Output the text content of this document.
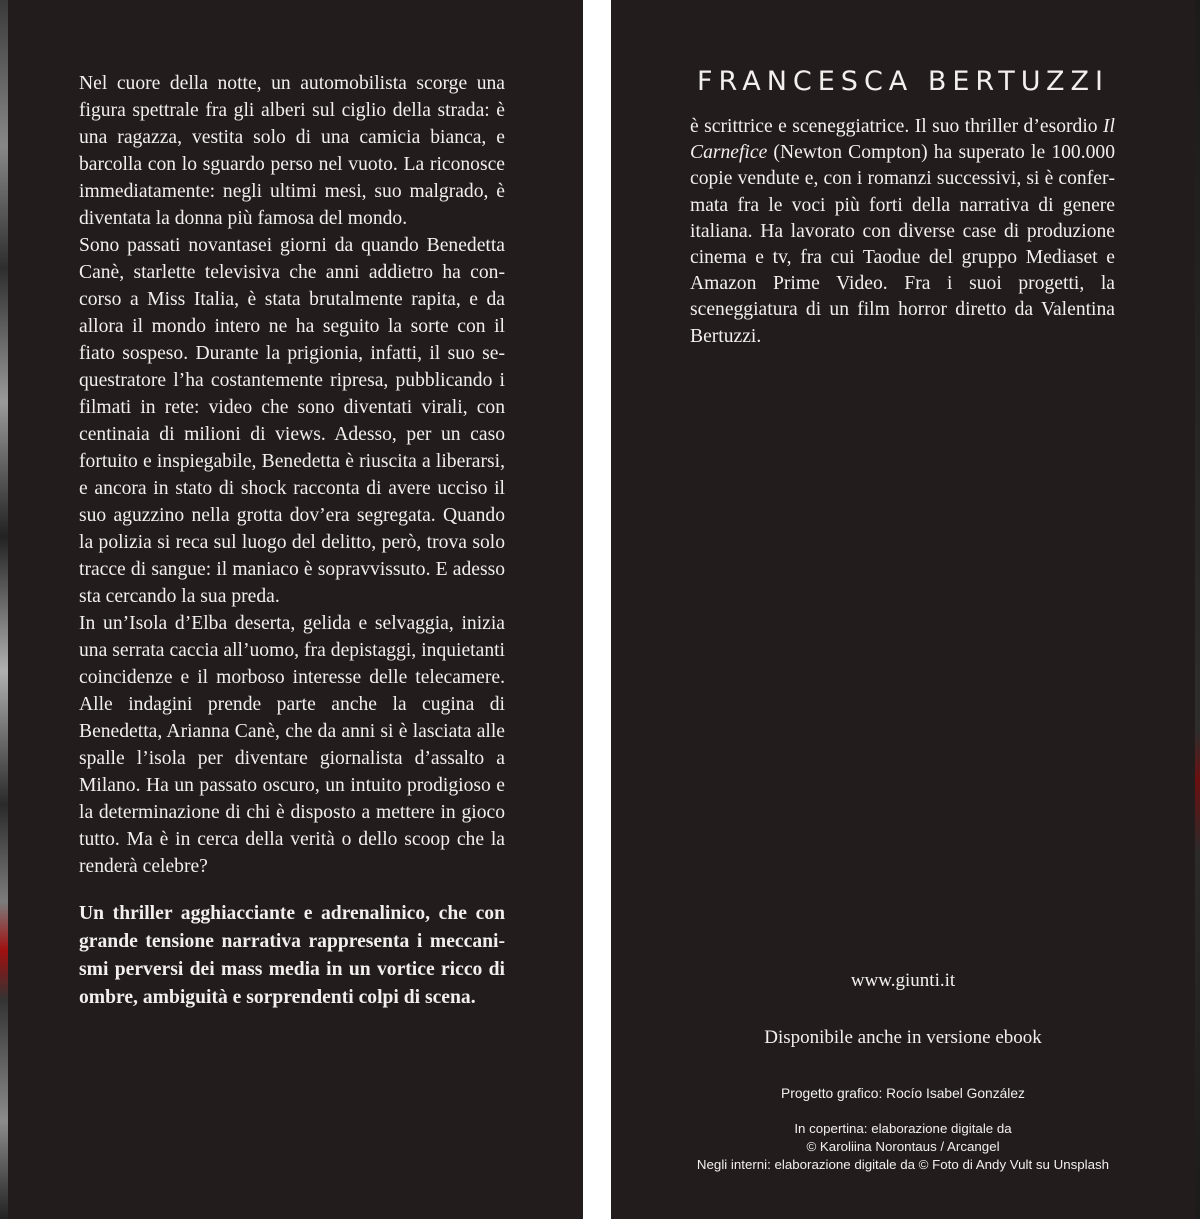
Nel cuore della notte, un automobilista scorge una figura spettrale fra gli alberi sul ciglio della strada: è una ragazza, vestita solo di una camicia bianca, e barcolla con lo sguardo perso nel vuoto. La riconosce immediatamente: negli ultimi mesi, suo malgrado, è diventata la donna più famosa del mondo.

Sono passati novantasei giorni da quando Benedetta Canè, starlette televisiva che anni addietro ha concorso a Miss Italia, è stata brutalmente rapita, e da allora il mondo intero ne ha seguito la sorte con il fiato sospeso. Durante la prigionia, infatti, il suo sequestratore l’ha costantemente ripresa, pubblicando i filmati in rete: video che sono diventati virali, con centinaia di milioni di views. Adesso, per un caso fortuito e inspiegabile, Benedetta è riuscita a liberarsi, e ancora in stato di shock racconta di avere ucciso il suo aguzzino nella grotta dov’era segregata. Quando la polizia si reca sul luogo del delitto, però, trova solo tracce di sangue: il maniaco è sopravvissuto. E adesso sta cercando la sua preda.

In un’Isola d’Elba deserta, gelida e selvaggia, inizia una serrata caccia all’uomo, fra depistaggi, inquietanti coincidenze e il morboso interesse delle telecamere. Alle indagini prende parte anche la cugina di Benedetta, Arianna Canè, che da anni si è lasciata alle spalle l’isola per diventare giornalista d’assalto a Milano. Ha un passato oscuro, un intuito prodigioso e la determinazione di chi è disposto a mettere in gioco tutto. Ma è in cerca della verità o dello scoop che la renderà celebre?

Un thriller agghiacciante e adrenalinico, che con grande tensione narrativa rappresenta i meccanismi perversi dei mass media in un vortice ricco di ombre, ambiguità e sorprendenti colpi di scena.

FRANCESCA BERTUZZI

è scrittrice e sceneggiatrice. Il suo thriller d’esordio Il Carnefice (Newton Compton) ha superato le 100.000 copie vendute e, con i romanzi successivi, si è confermata fra le voci più forti della narrativa di genere italiana. Ha lavorato con diverse case di produzione cinema e tv, fra cui Taodue del gruppo Mediaset e Amazon Prime Video. Fra i suoi progetti, la sceneggiatura di un film horror diretto da Valentina Bertuzzi.

www.giunti.it

Disponibile anche in versione ebook

Progetto grafico: Rocío Isabel González

In copertina: elaborazione digitale da

© Karoliina Norontaus / Arcangel

Negli interni: elaborazione digitale da © Foto di Andy Vult su Unsplash
